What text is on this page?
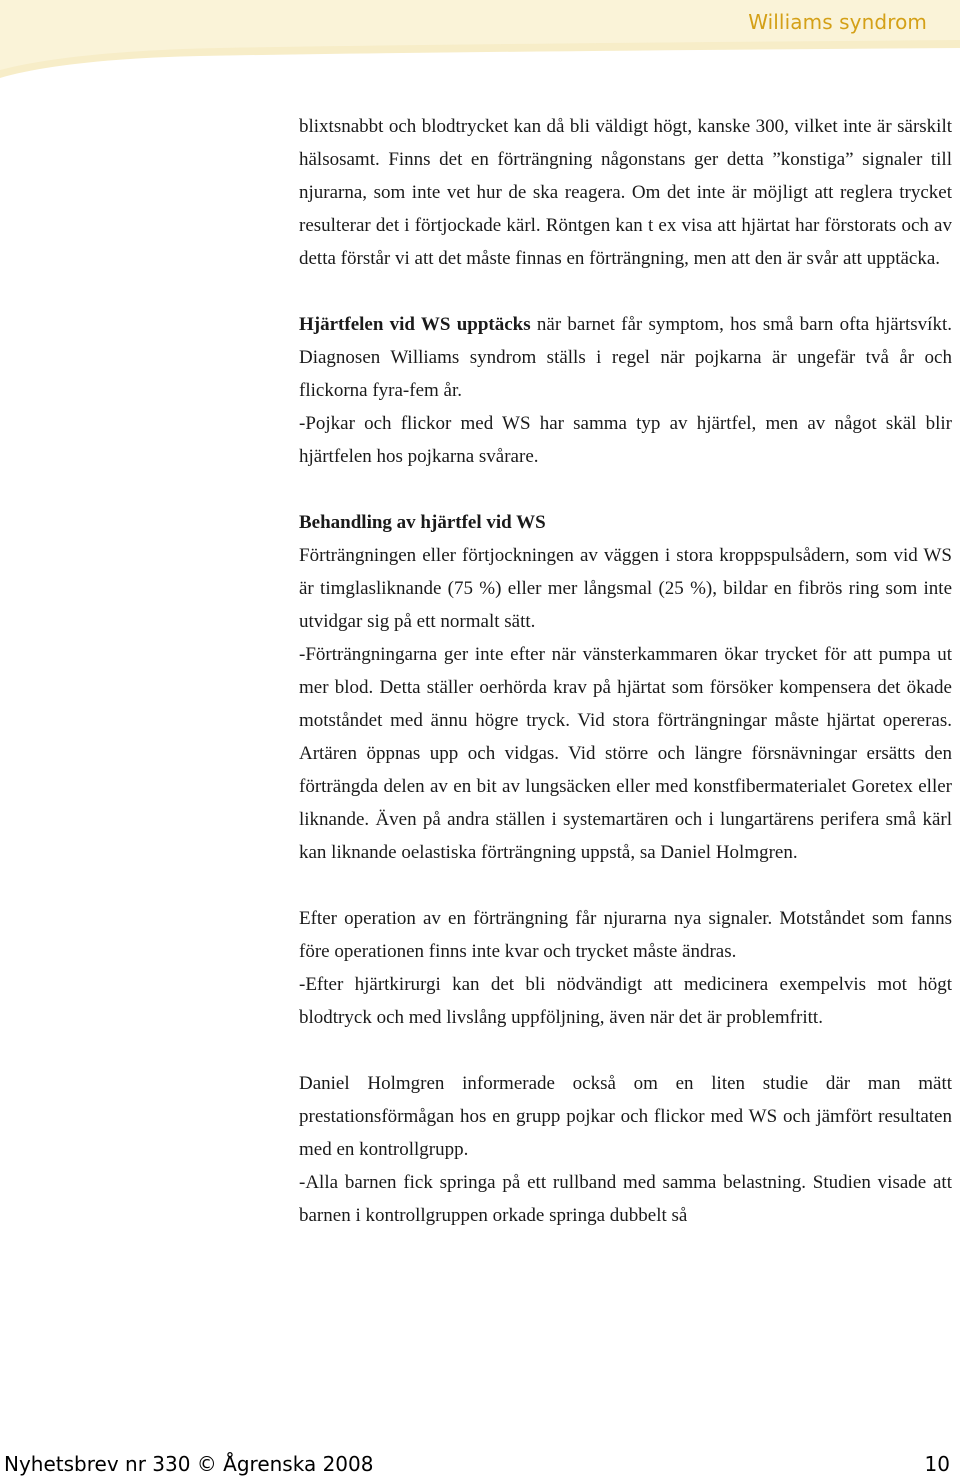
Williams syndrom

blixtsnabbt och blodtrycket kan då bli väldigt högt, kanske 300, vilket inte är särskilt hälsosamt. Finns det en förträngning någonstans ger detta ”konstiga” signaler till njurarna, som inte vet hur de ska reagera. Om det inte är möjligt att reglera trycket resulterar det i förtjockade kärl. Röntgen kan t ex visa att hjärtat har förstorats och av detta förstår vi att det måste finnas en förträngning, men att den är svår att upptäcka.

Hjärtfelen vid WS upptäcks när barnet får symptom, hos små barn ofta hjärtsvíkt. Diagnosen Williams syndrom ställs i regel när pojkarna är ungefär två år och flickorna fyra-fem år.

-Pojkar och flickor med WS har samma typ av hjärtfel, men av något skäl blir hjärtfelen hos pojkarna svårare.

Behandling av hjärtfel vid WS

Förträngningen eller förtjockningen av väggen i stora kroppspulsådern, som vid WS är timglasliknande (75 %) eller mer långsmal (25 %), bildar en fibrös ring som inte utvidgar sig på ett normalt sätt.

-Förträngningarna ger inte efter när vänsterkammaren ökar trycket för att pumpa ut mer blod. Detta ställer oerhörda krav på hjärtat som försöker kompensera det ökade motståndet med ännu högre tryck. Vid stora förträngningar måste hjärtat opereras. Artären öppnas upp och vidgas. Vid större och längre försnävningar ersätts den förträngda delen av en bit av lungsäcken eller med konstfibermaterialet Goretex eller liknande. Även på andra ställen i systemartären och i lungartärens perifera små kärl kan liknande oelastiska förträngning uppstå, sa Daniel Holmgren.

Efter operation av en förträngning får njurarna nya signaler. Motståndet som fanns före operationen finns inte kvar och trycket måste ändras.

-Efter hjärtkirurgi kan det bli nödvändigt att medicinera exempelvis mot högt blodtryck och med livslång uppföljning, även när det är problemfritt.

Daniel Holmgren informerade också om en liten studie där man mätt prestationsförmågan hos en grupp pojkar och flickor med WS och jämfört resultaten med en kontrollgrupp.

-Alla barnen fick springa på ett rullband med samma belastning. Studien visade att barnen i kontrollgruppen orkade springa dubbelt så

Nyhetsbrev nr 330 © Ågrenska 2008	10
